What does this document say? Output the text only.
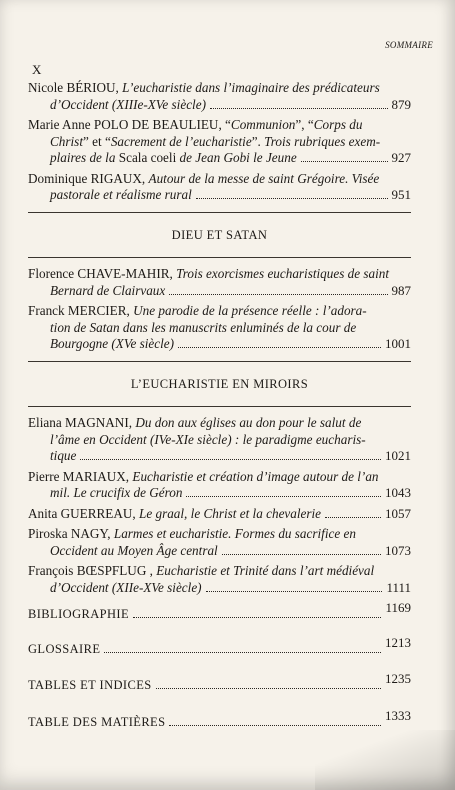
SOMMAIRE
X
Nicole BÉRIOU, L’eucharistie dans l’imaginaire des prédicateurs
d’Occident (XIIIe-XVe siècle)	879
Marie Anne POLO DE BEAULIEU, “Communion”, “Corps du
Christ” et “Sacrement de l’eucharistie”. Trois rubriques exem-
plaires de la Scala coeli de Jean Gobi le Jeune	927
Dominique RIGAUX, Autour de la messe de saint Grégoire. Visée
pastorale et réalisme rural	951
DIEU ET SATAN
Florence CHAVE-MAHIR, Trois exorcismes eucharistiques de saint
Bernard de Clairvaux	987
Franck MERCIER, Une parodie de la présence réelle : l’adora-
tion de Satan dans les manuscrits enluminés de la cour de
Bourgogne (XVe siècle)	1001
L’EUCHARISTIE EN MIROIRS
Eliana MAGNANI, Du don aux églises au don pour le salut de
l’âme en Occident (IVe-XIe siècle) : le paradigme eucharis-
tique	1021
Pierre MARIAUX, Eucharistie et création d’image autour de l’an
mil. Le crucifix de Géron	1043
Anita GUERREAU, Le graal, le Christ et la chevalerie	1057
Piroska NAGY, Larmes et eucharistie. Formes du sacrifice en
Occident au Moyen Âge central	1073
François BŒSPFLUG , Eucharistie et Trinité dans l’art médiéval
d’Occident (XIIe-XVe siècle)	1111
BIBLIOGRAPHIE	1169
GLOSSAIRE	1213
TABLES ET INDICES	1235
TABLE DES MATIÈRES	1333
